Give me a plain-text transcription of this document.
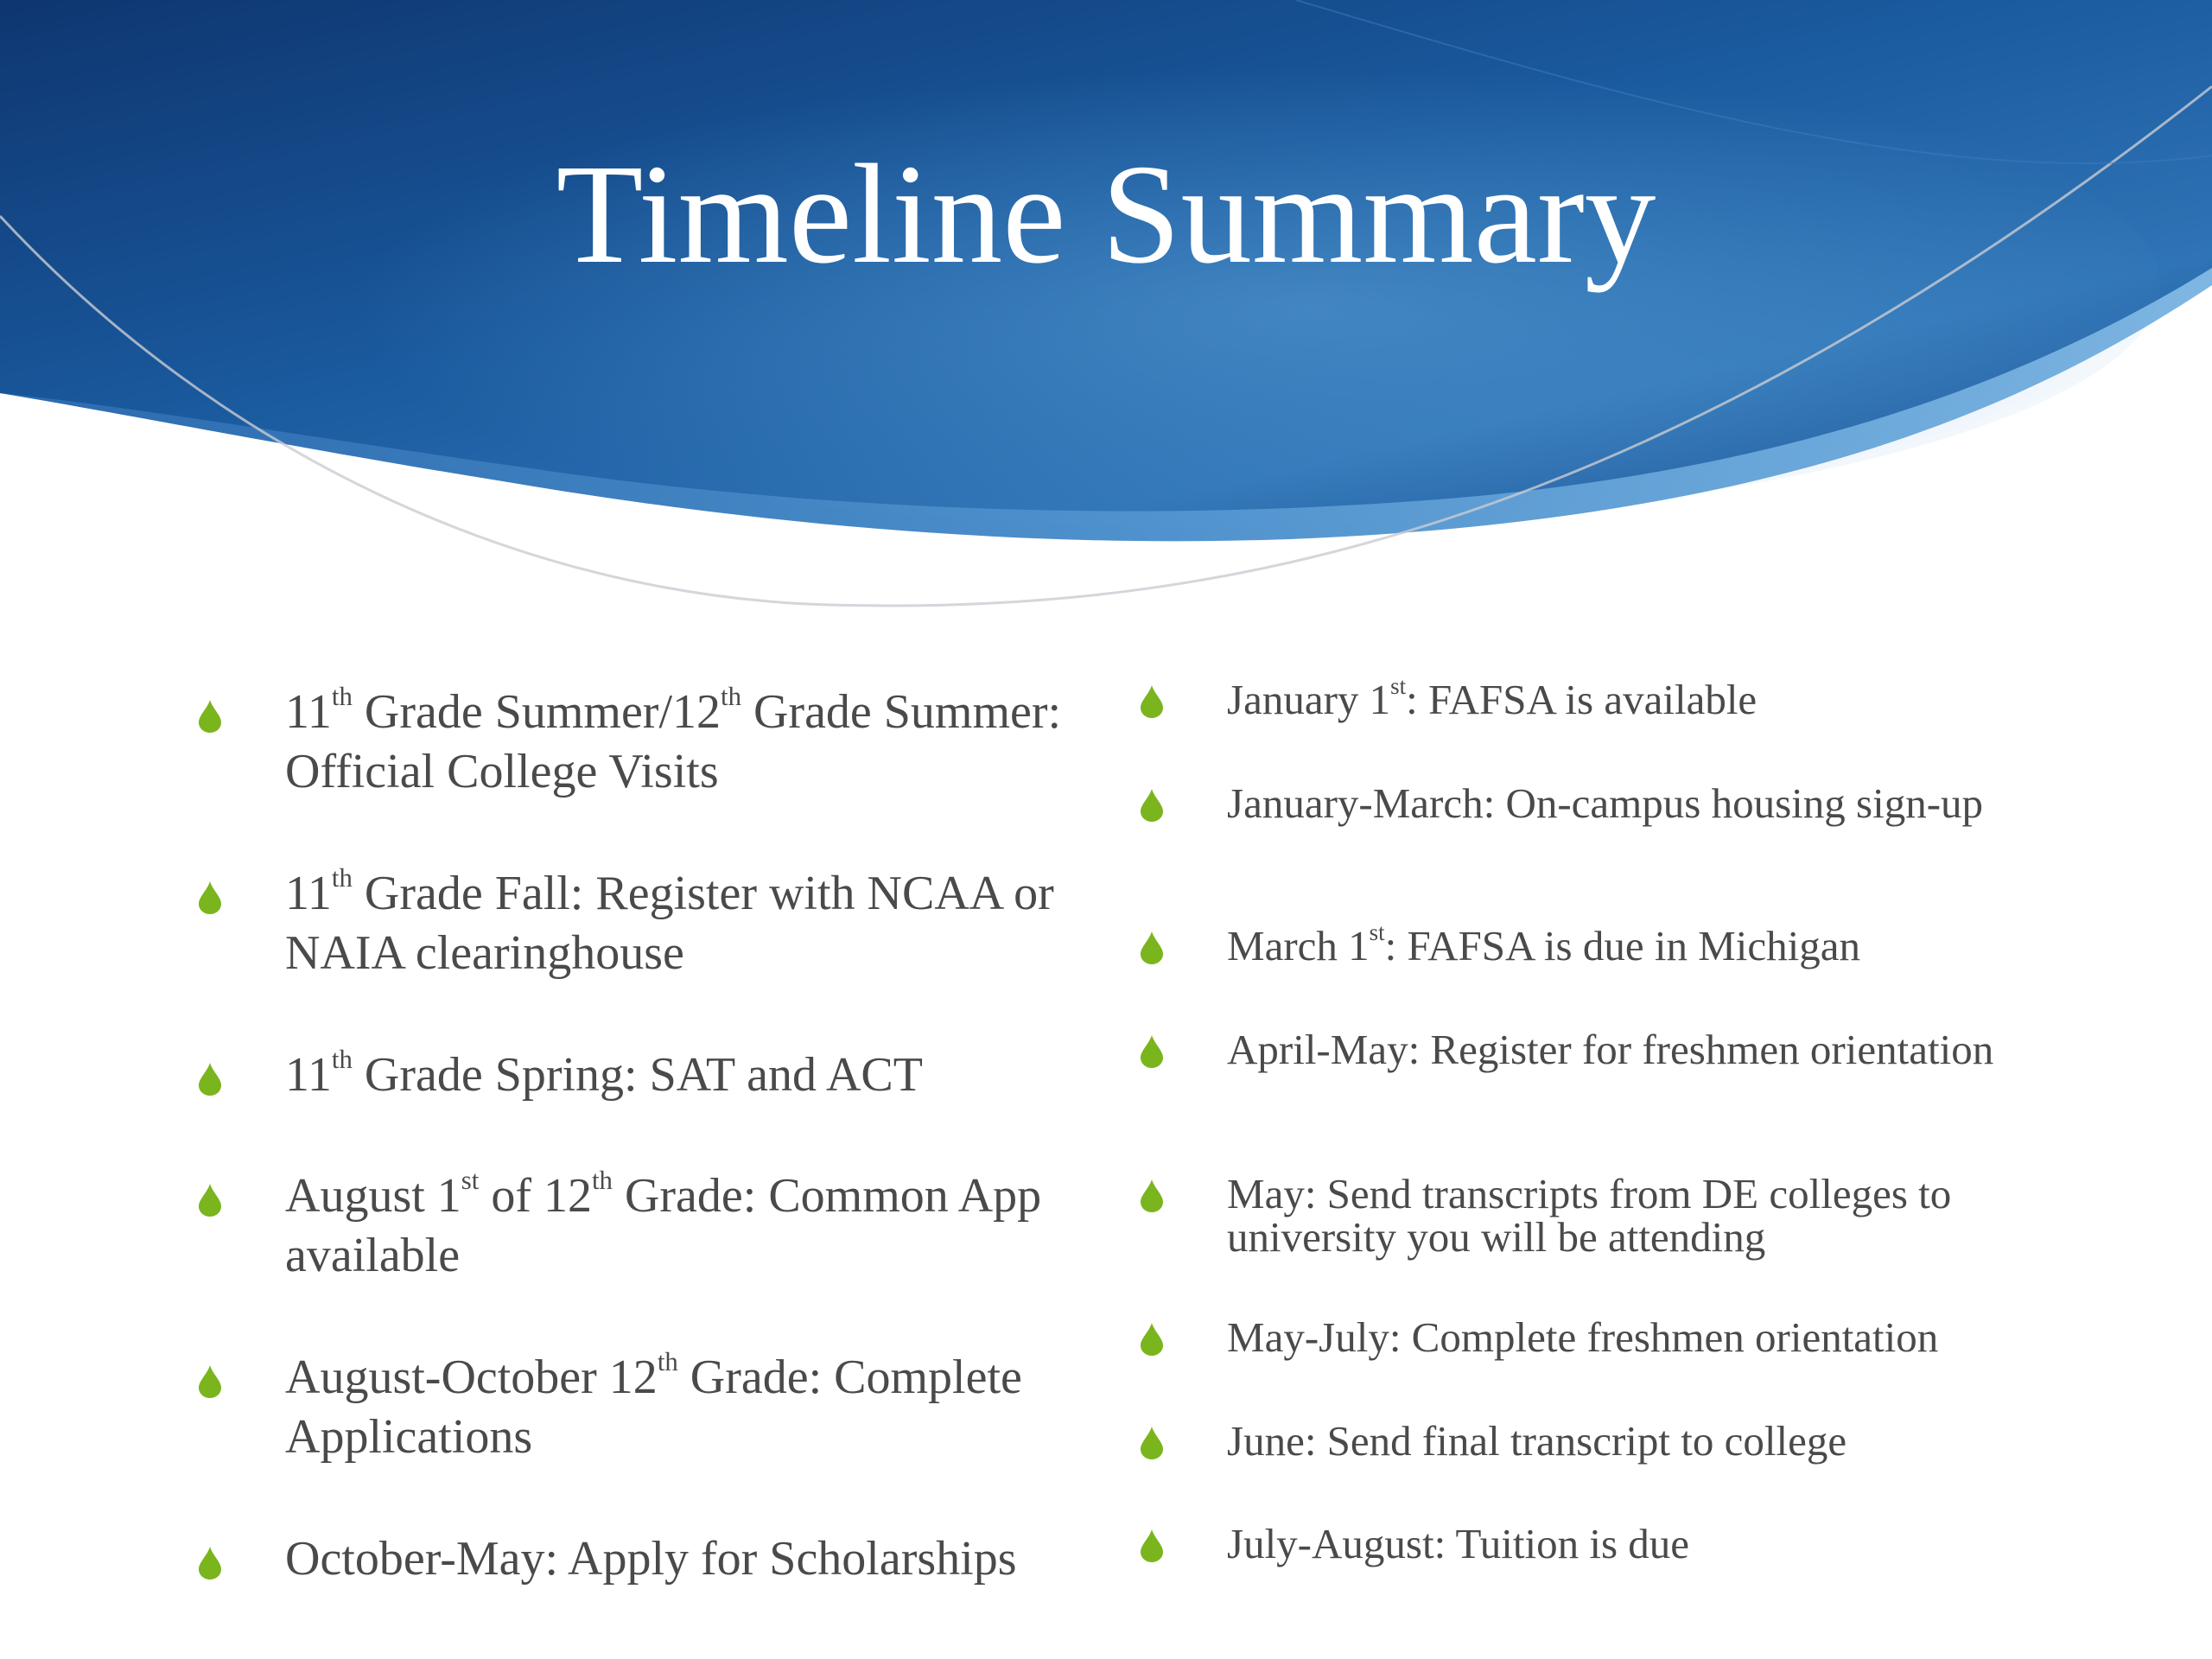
Timeline Summary
11th Grade Summer/12th Grade Summer: Official College Visits
11th Grade Fall: Register with NCAA or NAIA clearinghouse
11th Grade Spring: SAT and ACT
August 1st of 12th Grade: Common App available
August-October 12th Grade: Complete Applications
October-May: Apply for Scholarships
January 1st: FAFSA is available
January-March: On-campus housing sign-up
March 1st: FAFSA is due in Michigan
April-May: Register for freshmen orientation
May: Send transcripts from DE colleges to university you will be attending
May-July: Complete freshmen orientation
June: Send final transcript to college
July-August: Tuition is due
